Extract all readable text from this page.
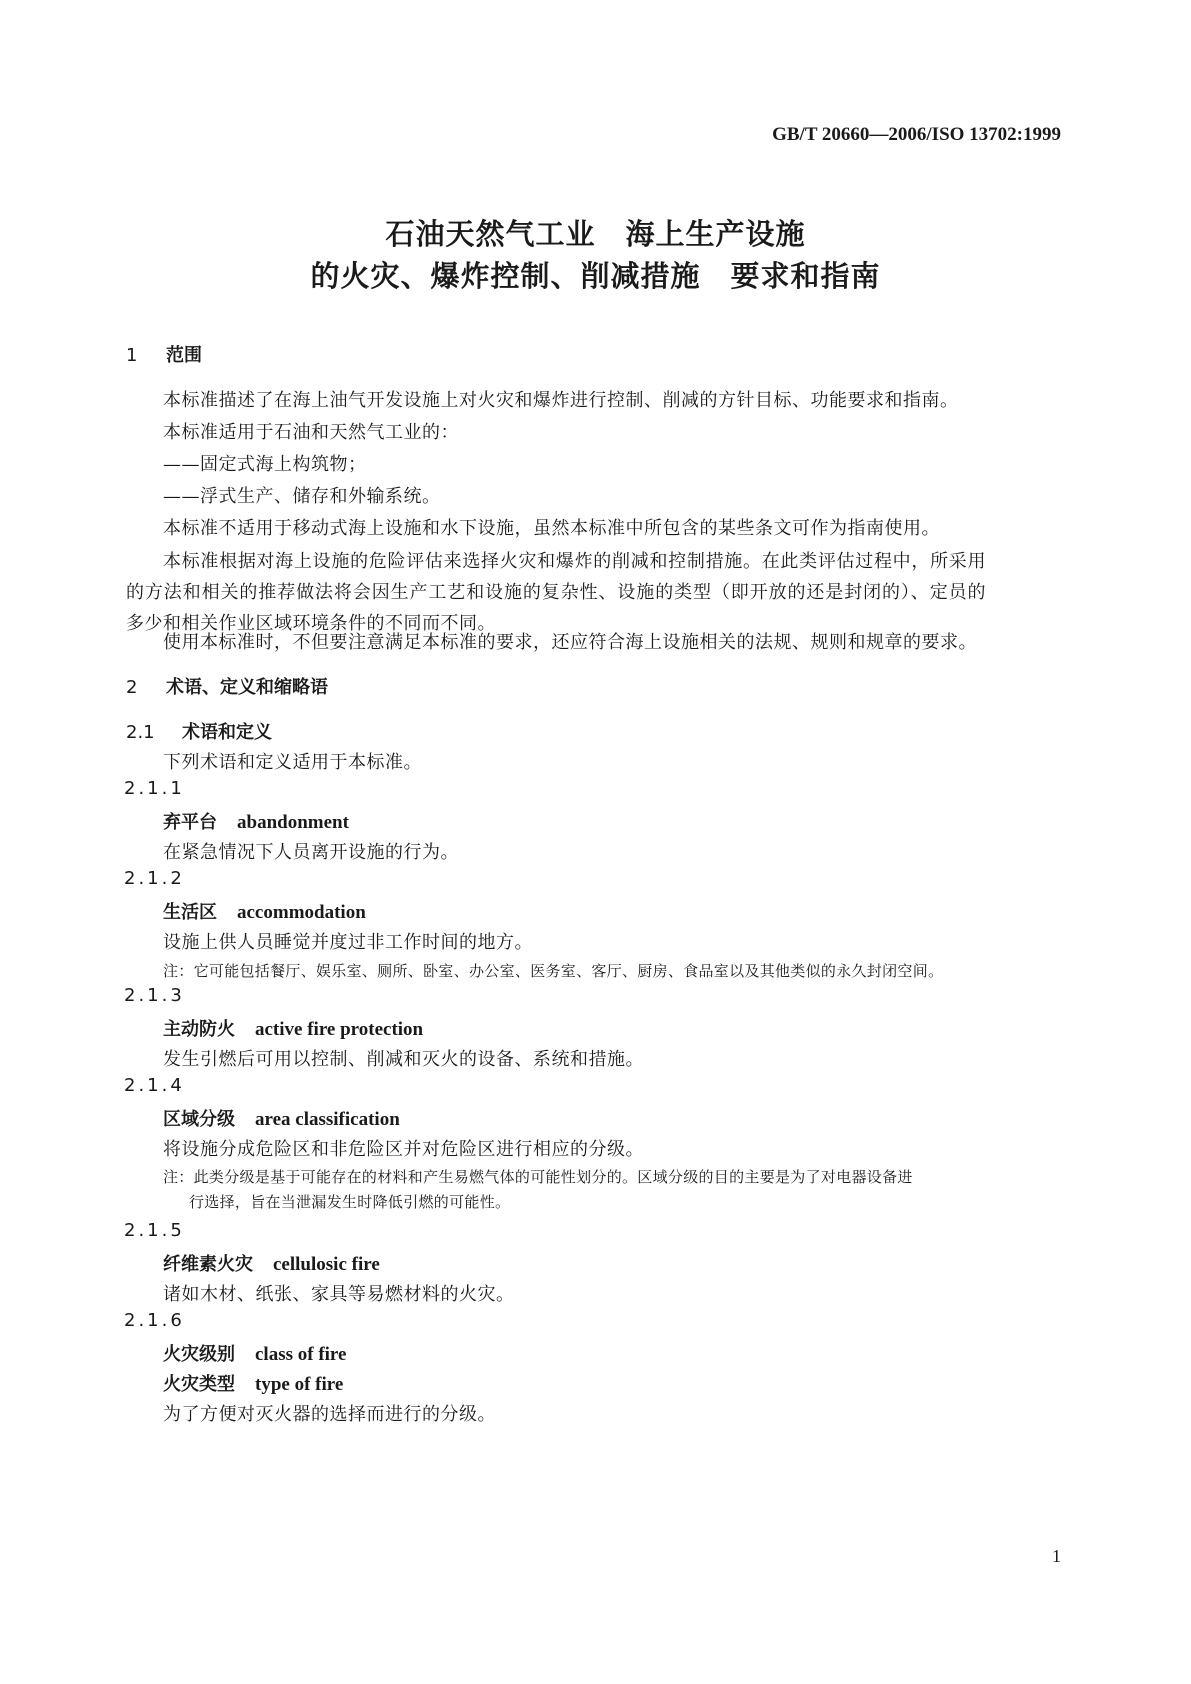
GB/T 20660—2006/ISO 13702:1999
石油天然气工业　海上生产设施
的火灾、爆炸控制、削减措施　要求和指南
1 范围
本标准描述了在海上油气开发设施上对火灾和爆炸进行控制、削减的方针目标、功能要求和指南。
本标准适用于石油和天然气工业的：
——固定式海上构筑物；
——浮式生产、储存和外输系统。
本标准不适用于移动式海上设施和水下设施，虽然本标准中所包含的某些条文可作为指南使用。
本标准根据对海上设施的危险评估来选择火灾和爆炸的削减和控制措施。在此类评估过程中，所采用的方法和相关的推荐做法将会因生产工艺和设施的复杂性、设施的类型（即开放的还是封闭的）、定员的多少和相关作业区域环境条件的不同而不同。
使用本标准时，不但要注意满足本标准的要求，还应符合海上设施相关的法规、规则和规章的要求。
2 术语、定义和缩略语
2.1 术语和定义
下列术语和定义适用于本标准。
2.1.1
弃平台 abandonment
在紧急情况下人员离开设施的行为。
2.1.2
生活区 accommodation
设施上供人员睡觉并度过非工作时间的地方。
注：它可能包括餐厅、娱乐室、厕所、卧室、办公室、医务室、客厅、厨房、食品室以及其他类似的永久封闭空间。
2.1.3
主动防火 active fire protection
发生引燃后可用以控制、削减和灭火的设备、系统和措施。
2.1.4
区域分级 area classification
将设施分成危险区和非危险区并对危险区进行相应的分级。
注：此类分级是基于可能存在的材料和产生易燃气体的可能性划分的。区域分级的目的主要是为了对电器设备进
行选择，旨在当泄漏发生时降低引燃的可能性。
2.1.5
纤维素火灾 cellulosic fire
诸如木材、纸张、家具等易燃材料的火灾。
2.1.6
火灾级别 class of fire
火灾类型 type of fire
为了方便对灭火器的选择而进行的分级。
1
